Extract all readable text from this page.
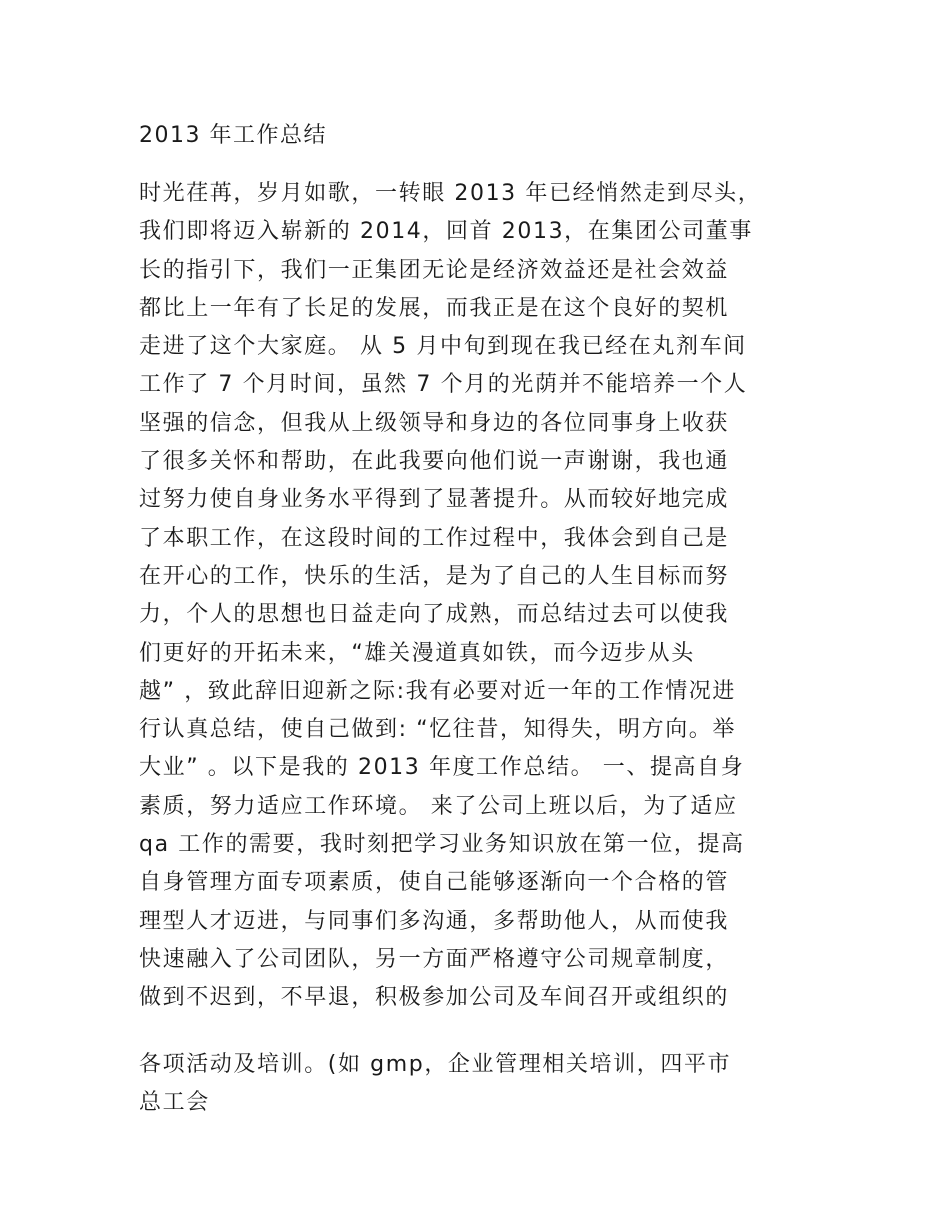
2013 年工作总结
时光荏苒，岁月如歌，一转眼 2013 年已经悄然走到尽头，
我们即将迈入崭新的 2014，回首 2013，在集团公司董事
长的指引下，我们一正集团无论是经济效益还是社会效益
都比上一年有了长足的发展，而我正是在这个良好的契机
走进了这个大家庭。 从 5 月中旬到现在我已经在丸剂车间
工作了 7 个月时间，虽然 7 个月的光荫并不能培养一个人
坚强的信念，但我从上级领导和身边的各位同事身上收获
了很多关怀和帮助，在此我要向他们说一声谢谢，我也通
过努力使自身业务水平得到了显著提升。从而较好地完成
了本职工作，在这段时间的工作过程中，我体会到自己是
在开心的工作，快乐的生活，是为了自己的人生目标而努
力，个人的思想也日益走向了成熟，而总结过去可以使我
们更好的开拓未来，“雄关漫道真如铁，而今迈步从头
越” ，致此辞旧迎新之际:我有必要对近一年的工作情况进
行认真总结，使自己做到: “忆往昔，知得失，明方向。举
大业” 。以下是我的 2013 年度工作总结。 一、提高自身
素质，努力适应工作环境。 来了公司上班以后，为了适应
qa 工作的需要，我时刻把学习业务知识放在第一位，提高
自身管理方面专项素质，使自己能够逐渐向一个合格的管
理型人才迈进，与同事们多沟通，多帮助他人，从而使我
快速融入了公司团队，另一方面严格遵守公司规章制度，
做到不迟到，不早退，积极参加公司及车间召开或组织的
各项活动及培训。(如 gmp，企业管理相关培训，四平市
总工会
